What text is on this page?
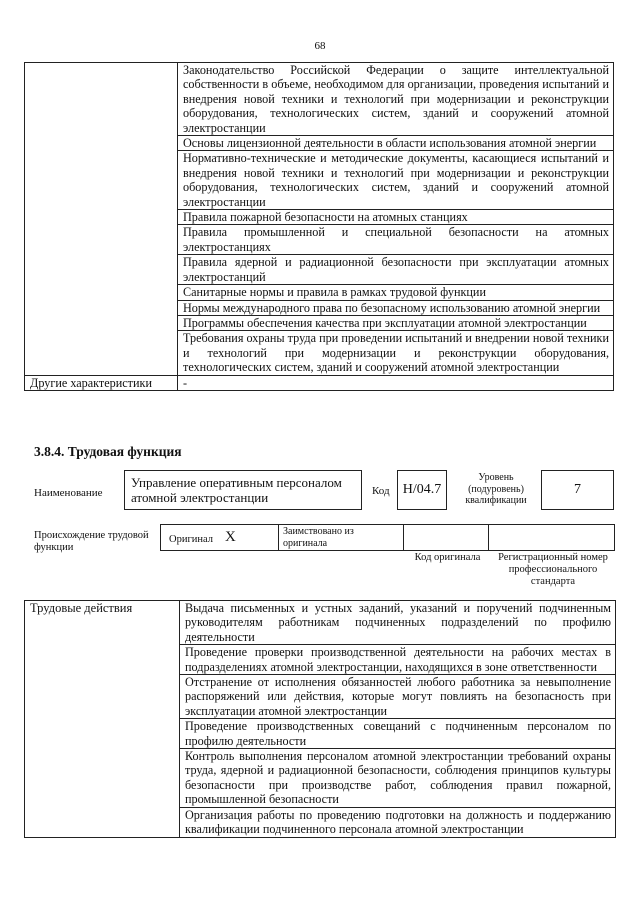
68
	Законодательство Российской Федерации о защите интеллектуальной собственности в объеме, необходимом для организации, проведения испытаний и внедрения новой техники и технологий при модернизации и реконструкции оборудования, технологических систем, зданий и сооружений атомной электростанции
	Основы лицензионной деятельности в области использования атомной энергии
	Нормативно-технические и методические документы, касающиеся испытаний и внедрения новой техники и технологий при модернизации и реконструкции оборудования, технологических систем, зданий и сооружений атомной электростанции
	Правила пожарной безопасности на атомных станциях
	Правила промышленной и специальной безопасности на атомных электростанциях
	Правила ядерной и радиационной безопасности при эксплуатации атомных электростанций
	Санитарные нормы и правила в рамках трудовой функции
	Нормы международного права по безопасному использованию атомной энергии
	Программы обеспечения качества при эксплуатации атомной электростанции
	Требования охраны труда при проведении испытаний и внедрении новой техники и технологий при модернизации и реконструкции оборудования, технологических систем, зданий и сооружений атомной электростанции
Другие характеристики	-
3.8.4. Трудовая функция
Наименование
Управление оперативным персоналом атомной электростанции	Код H/04.7
Уровень (подуровень) квалификации
7
Происхождение трудовой функции
Оригинал X	Заимствовано из оригинала
Код оригинала	Регистрационный номер профессионального стандарта
Трудовые действия	Выдача письменных и устных заданий, указаний и поручений подчиненным руководителям работникам подчиненных подразделений по профилю деятельности
Проведение проверки производственной деятельности на рабочих местах в подразделениях атомной электростанции, находящихся в зоне ответственности
Отстранение от исполнения обязанностей любого работника за невыполнение распоряжений или действия, которые могут повлиять на безопасность при эксплуатации атомной электростанции
Проведение производственных совещаний с подчиненным персоналом по профилю деятельности
Контроль выполнения персоналом атомной электростанции требований охраны труда, ядерной и радиационной безопасности, соблюдения принципов культуры безопасности при производстве работ, соблюдения правил пожарной, промышленной безопасности
Организация работы по проведению подготовки на должность и поддержанию квалификации подчиненного персонала атомной электростанции
